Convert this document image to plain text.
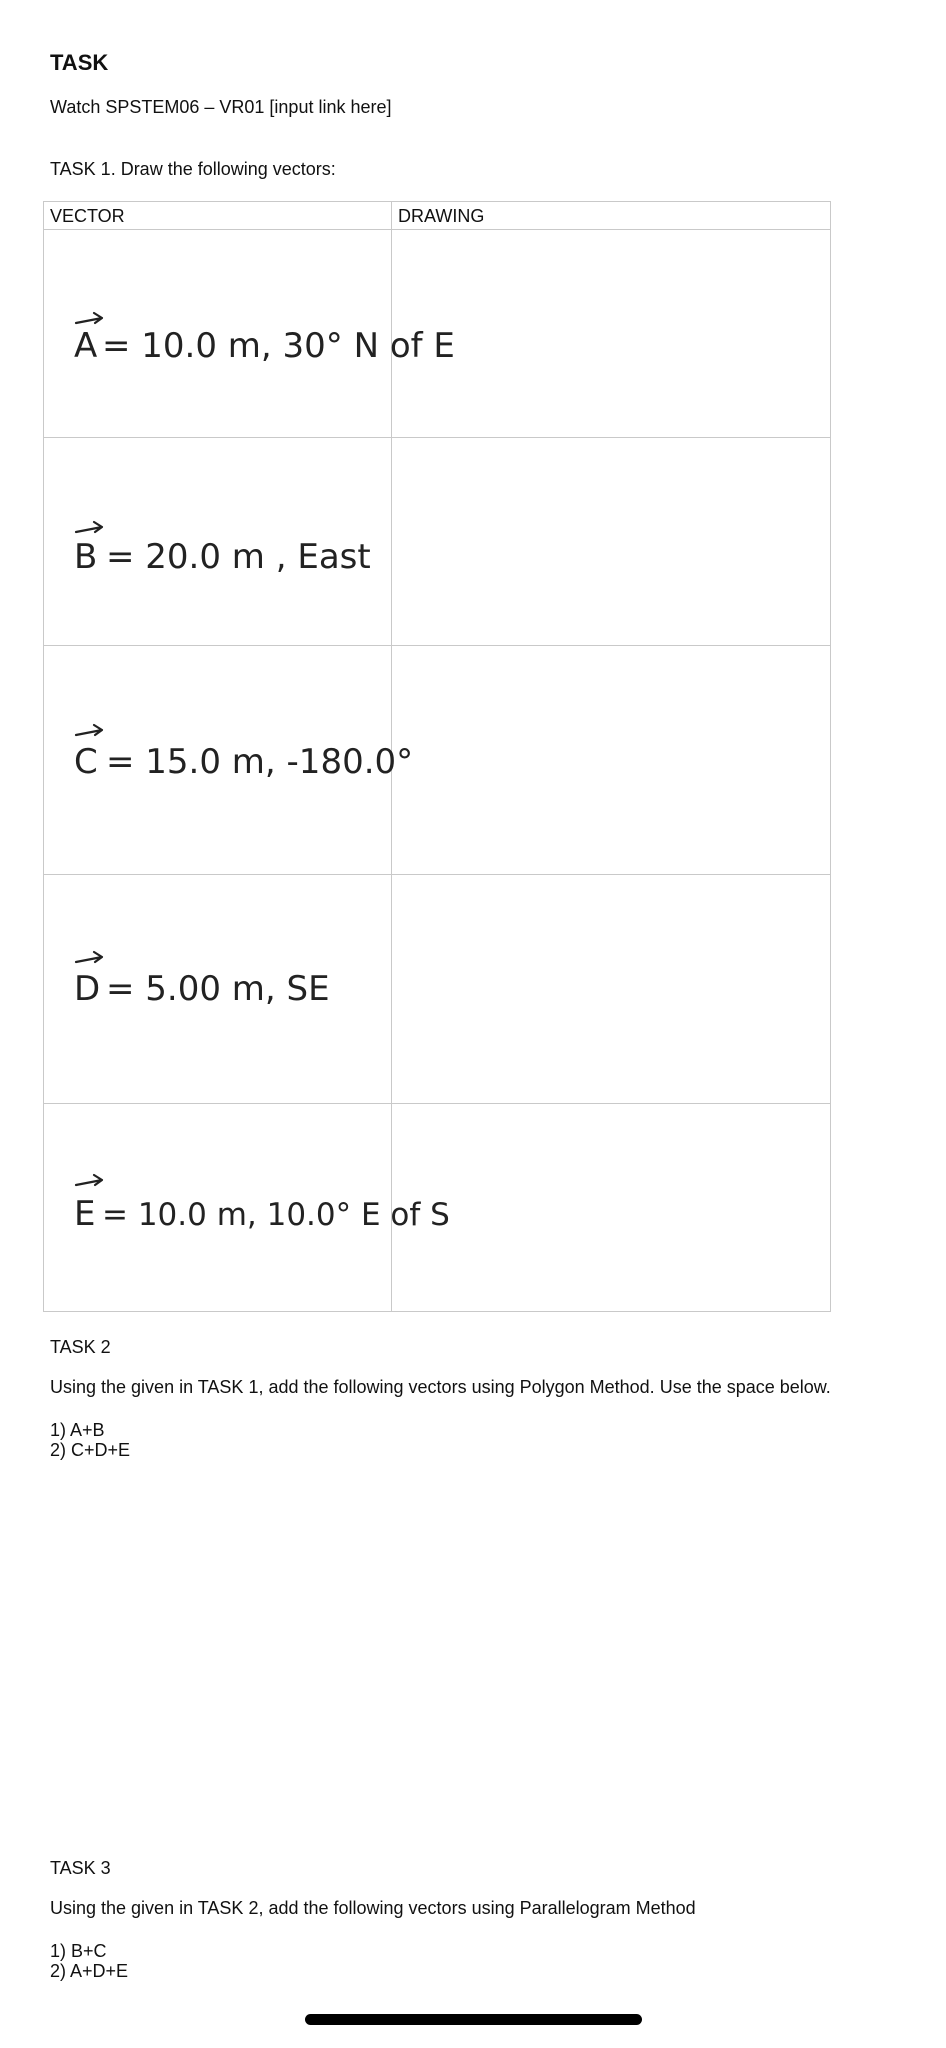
TASK
Watch SPSTEM06 – VR01 [input link here]
TASK 1. Draw the following vectors:
VECTOR	DRAWING

A = 10.0 m, 30° N of E	

B = 20.0 m , East	

C = 15.0 m, -180.0°	

D = 5.00 m, SE	

E = 10.0 m, 10.0° E of S	

TASK 2
Using the given in TASK 1, add the following vectors using Polygon Method. Use the space below.
1) A+B
2) C+D+E
TASK 3
Using the given in TASK 2, add the following vectors using Parallelogram Method
1) B+C
2) A+D+E
